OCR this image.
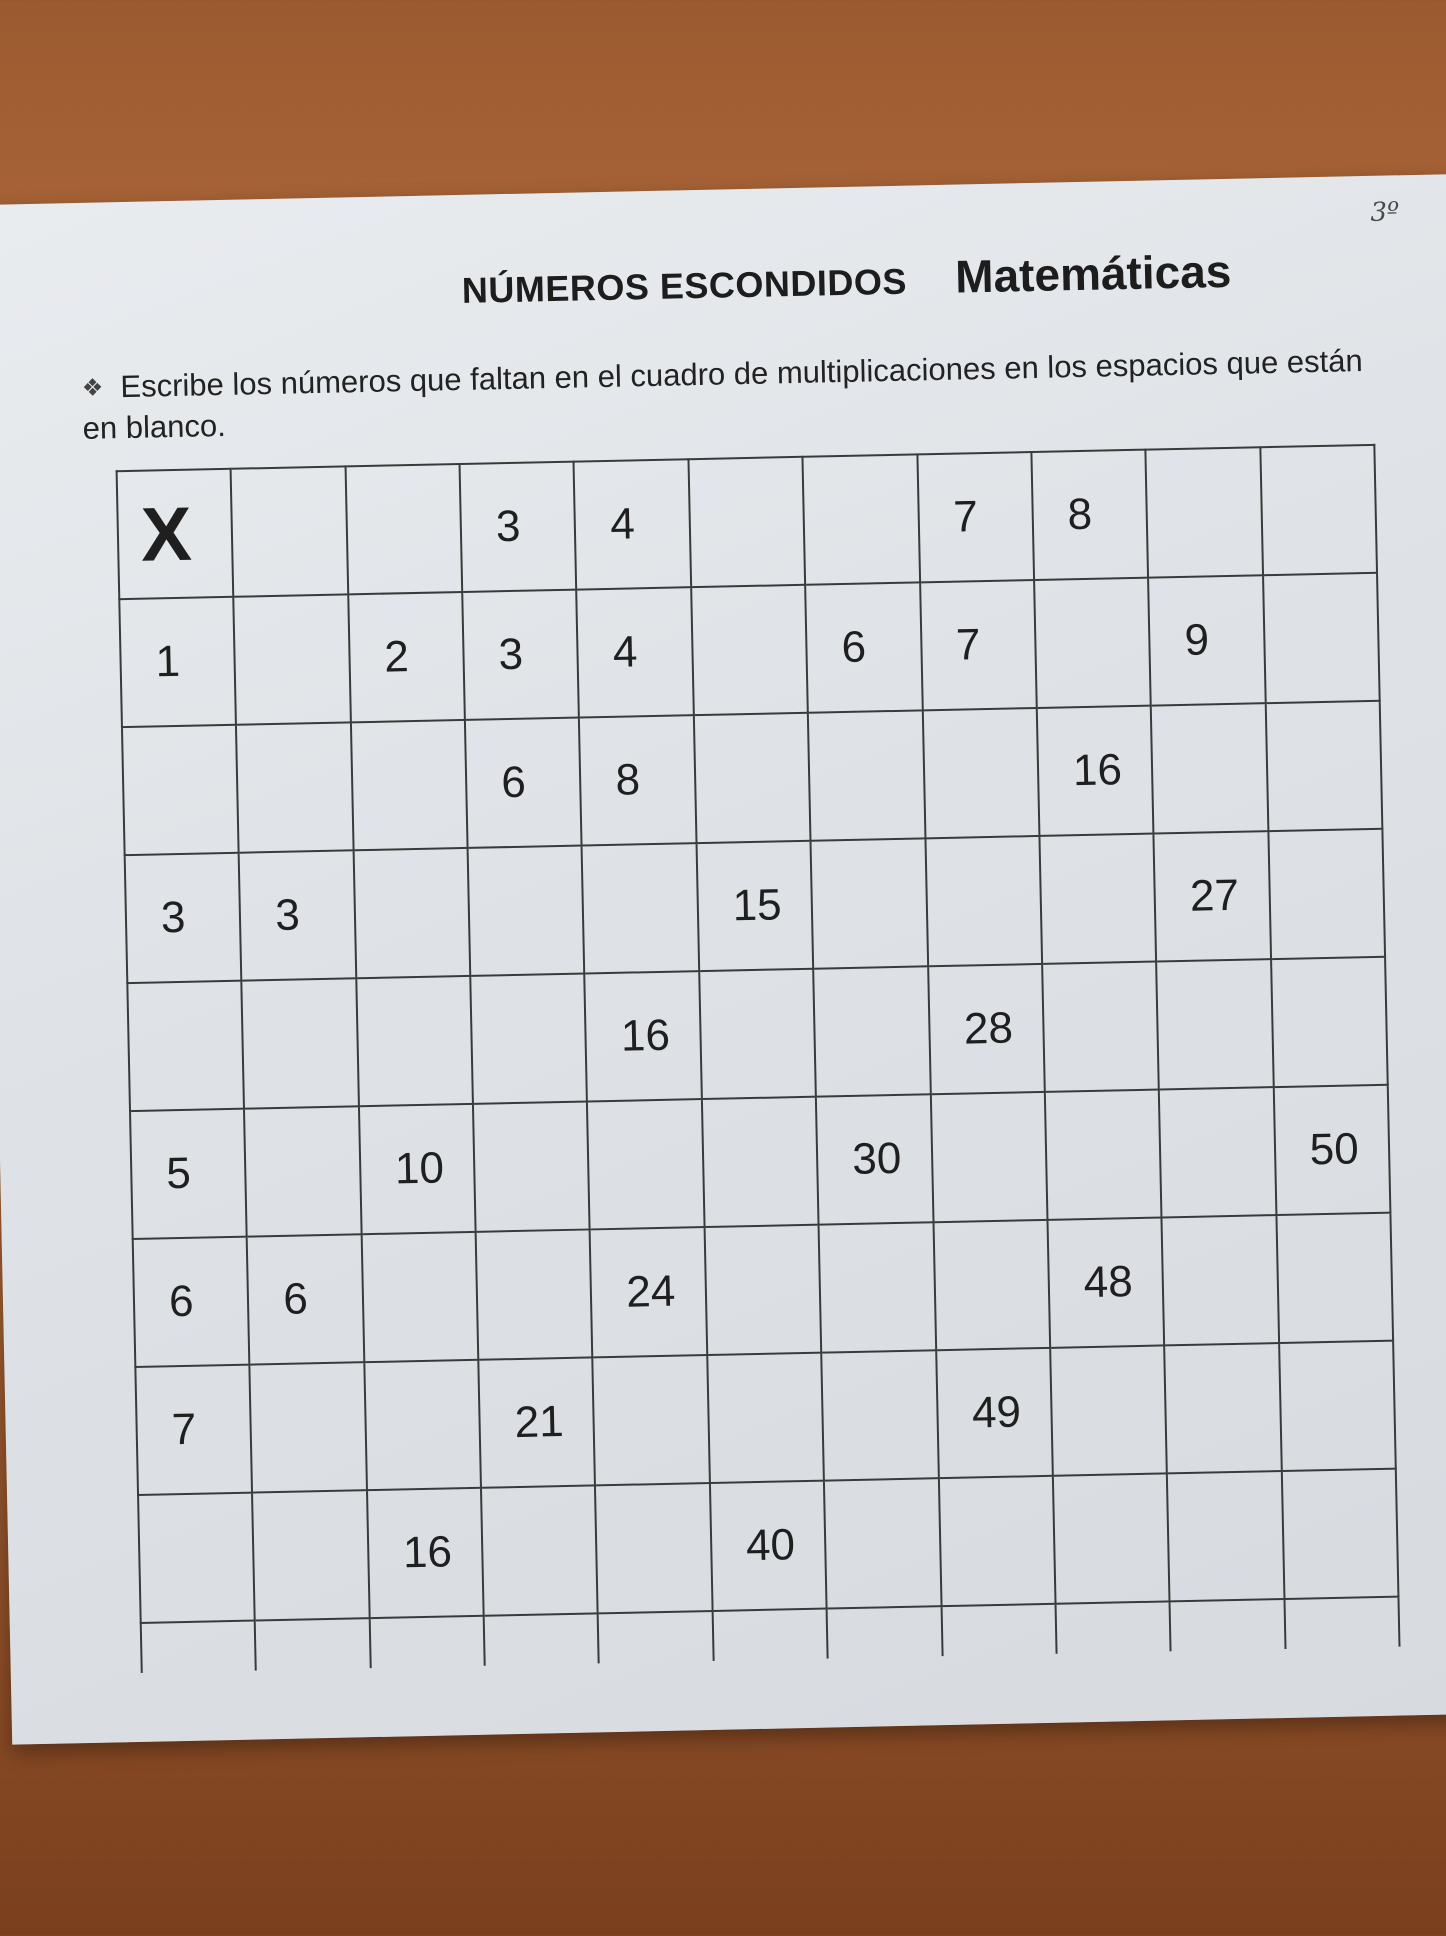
3º
NÚMEROS ESCONDIDOS Matemáticas
❖ Escribe los números que faltan en el cuadro de multiplicaciones en los espacios que están en blanco.
X			3	4			7	8		
1		2	3	4		6	7		9	
			6	8				16		
3	3				15				27	
				16			28			
5		10				30				50
6	6			24				48		
7			21				49			
		16			40					
